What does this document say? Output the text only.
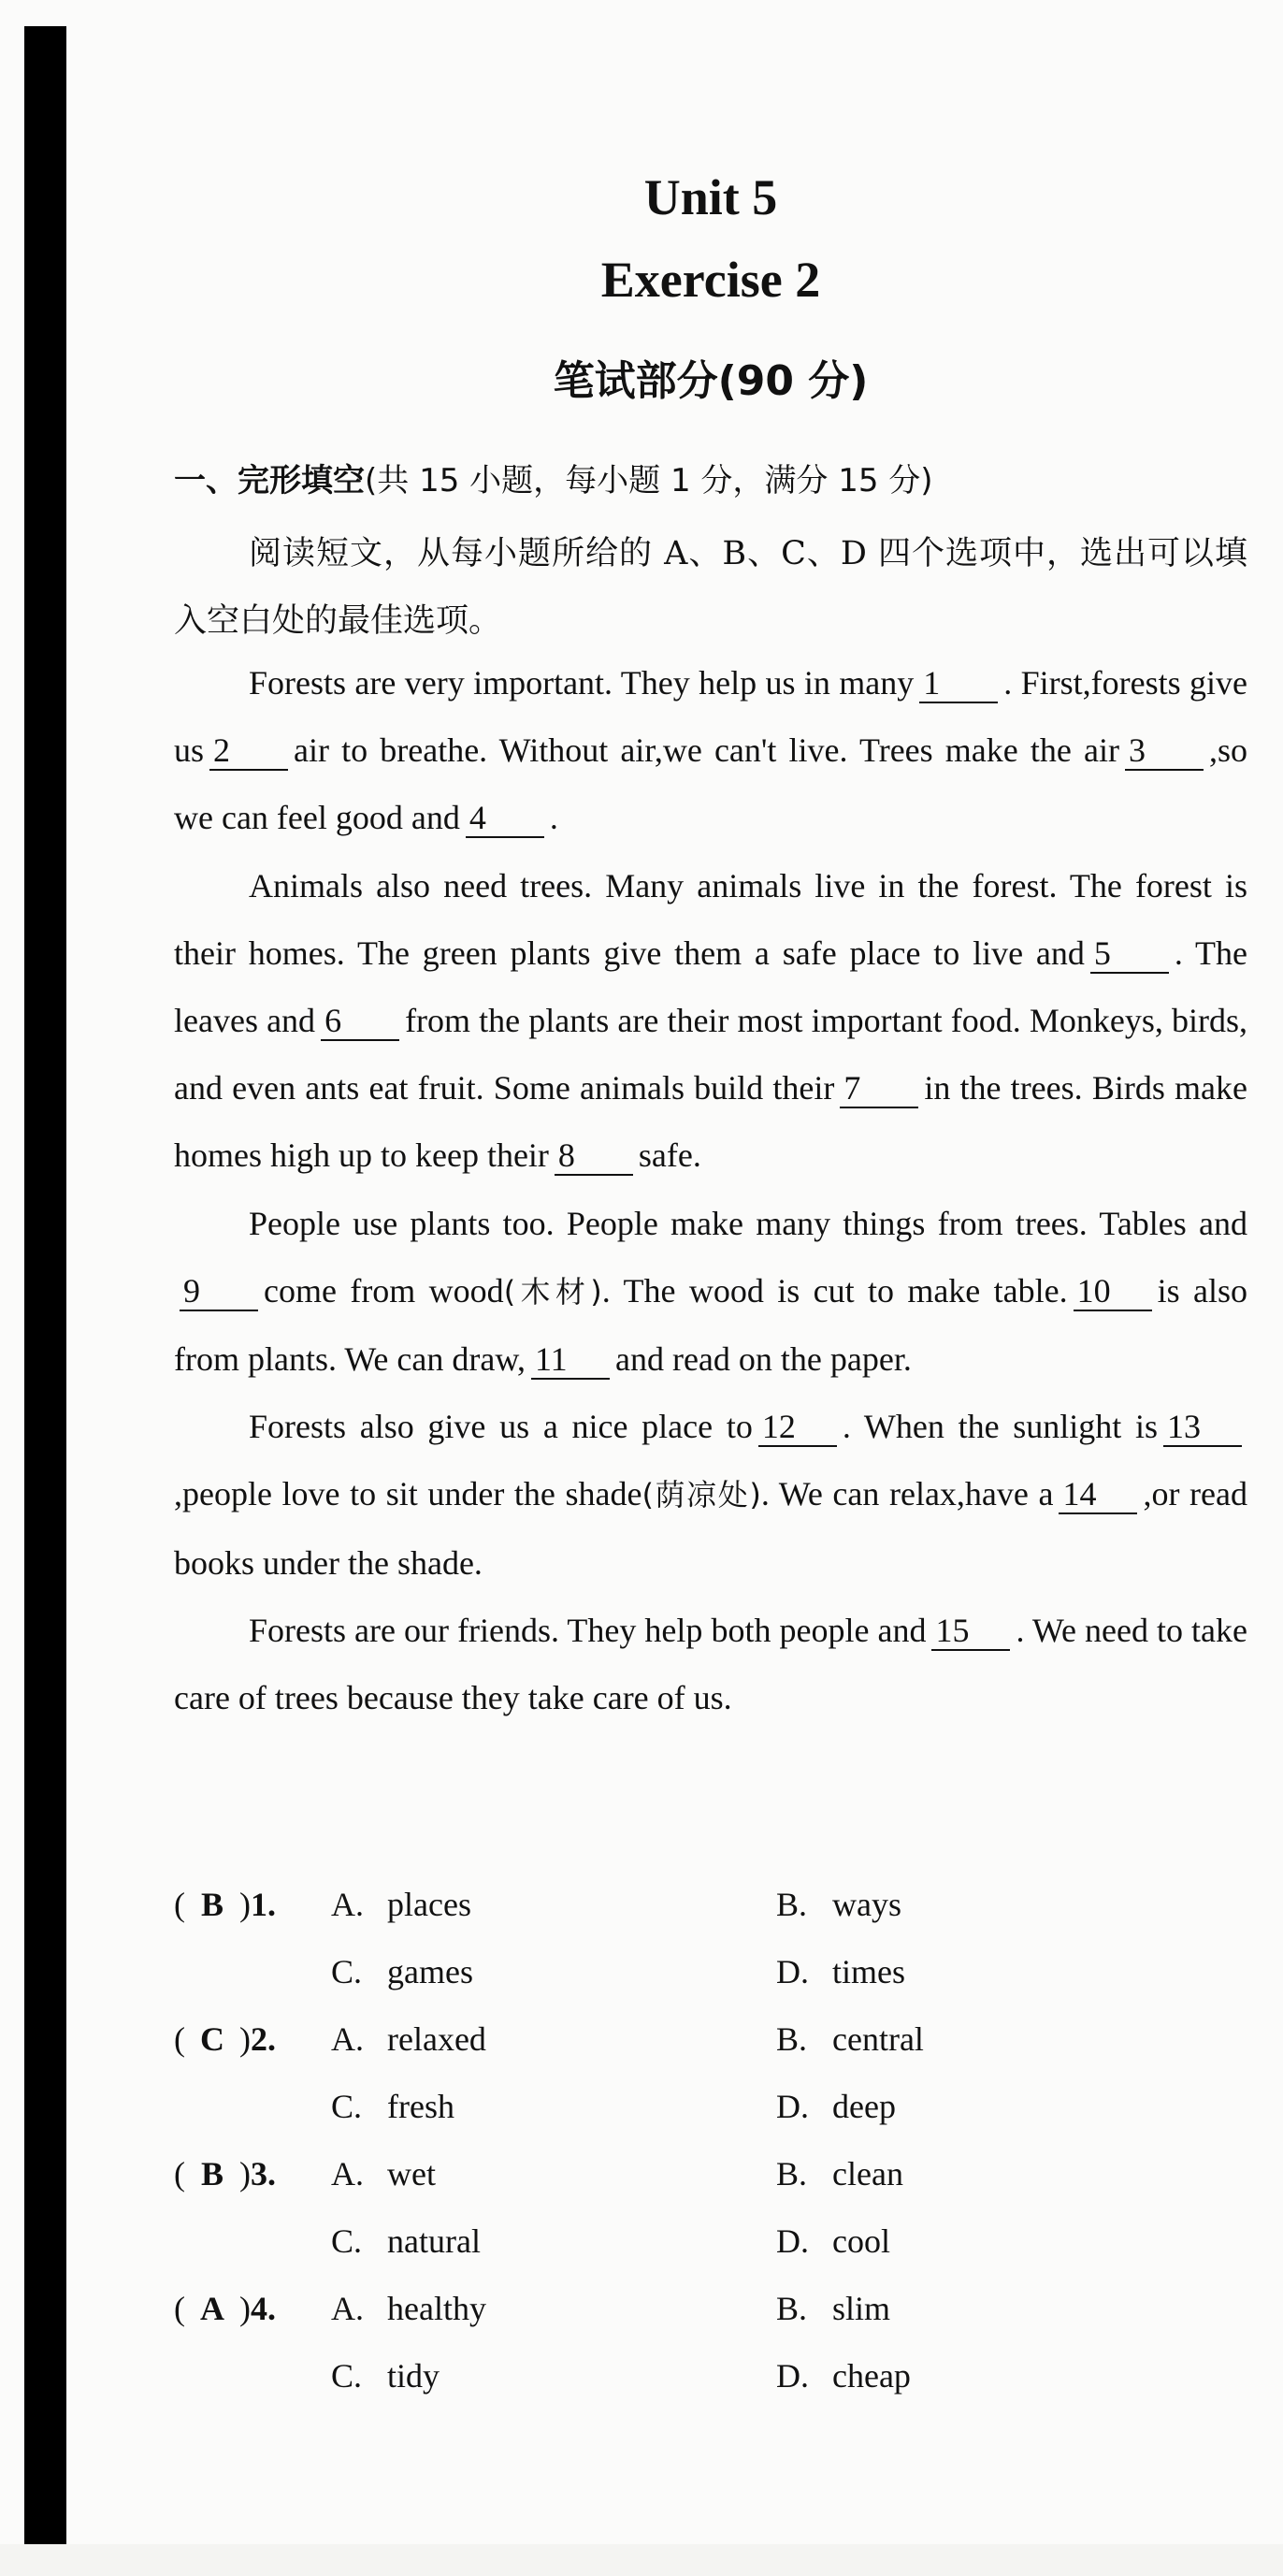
Unit 5
Exercise 2
笔试部分(90 分)
一、完形填空(共 15 小题，每小题 1 分，满分 15 分)

阅读短文，从每小题所给的 A、B、C、D 四个选项中，选出可以填入空白处的最佳选项。

Forests are very important. They help us in many 1 . First,forests give us 2 air to breathe. Without air,we can't live. Trees make the air 3 ,so we can feel good and 4 .

Animals also need trees. Many animals live in the forest. The forest is their homes. The green plants give them a safe place to live and 5 . The leaves and 6 from the plants are their most important food. Monkeys, birds, and even ants eat fruit. Some animals build their 7 in the trees. Birds make homes high up to keep their 8 safe.

People use plants too. People make many things from trees. Tables and9 come from wood(木材). The wood is cut to make table. 10 is also from plants. We can draw, 11 and read on the paper.

Forests also give us a nice place to 12 . When the sunlight is 13,people love to sit under the shade(荫凉处). We can relax,have a 14 ,or read books under the shade.

Forests are our friends. They help both people and 15 . We need to take care of trees because they take care of us.

( B )1. A. places	B. ways
C. games	D. times
( C )2. A. relaxed	B. central
C. fresh	D. deep
( B )3. A. wet	B. clean
C. natural	D. cool
( A )4. A. healthy	B. slim
C. tidy	D. cheap
